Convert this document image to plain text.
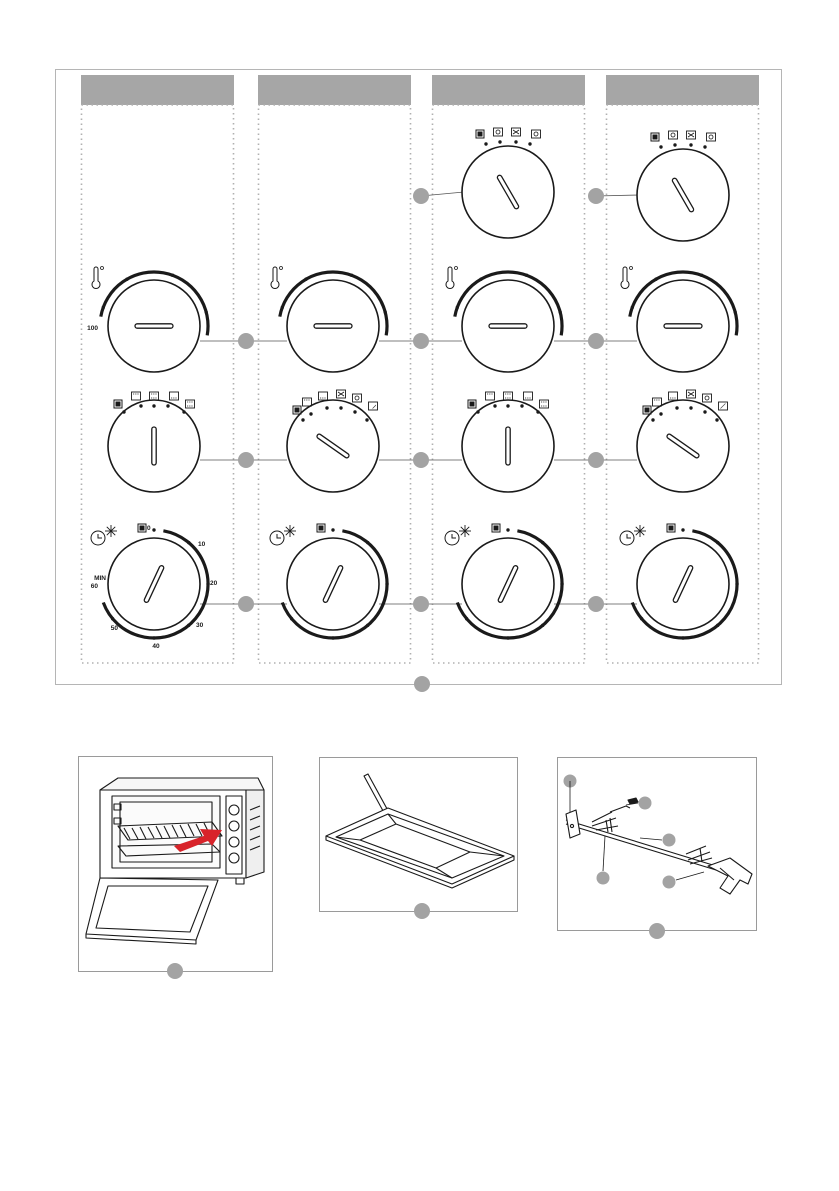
100
0
10
20
30
40
50
60
MIN
